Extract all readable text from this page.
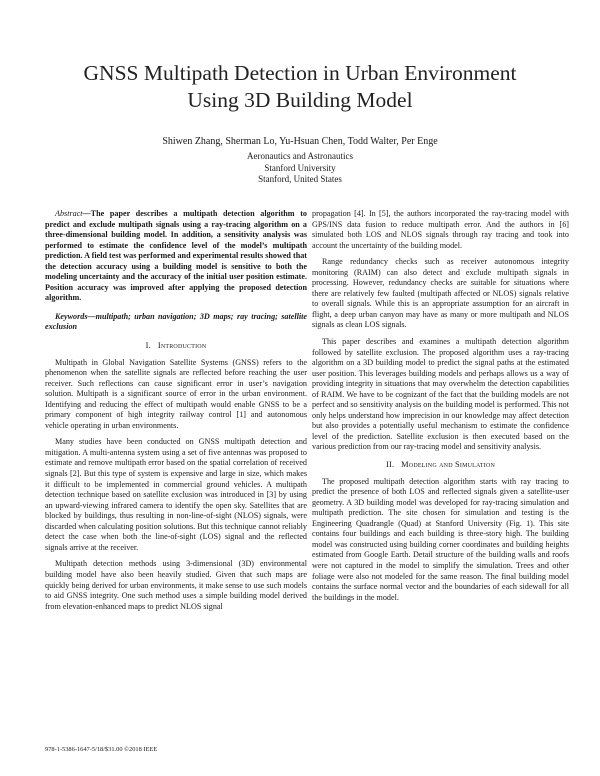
GNSS Multipath Detection in Urban Environment
Using 3D Building Model
Shiwen Zhang, Sherman Lo, Yu-Hsuan Chen, Todd Walter, Per Enge
Aeronautics and Astronautics
Stanford University
Stanford, United States

Abstract—The paper describes a multipath detection algorithm to predict and exclude multipath signals using a ray-tracing algorithm on a three-dimensional building model. In addition, a sensitivity analysis was performed to estimate the confidence level of the model’s multipath prediction. A field test was performed and experimental results showed that the detection accuracy using a building model is sensitive to both the modeling uncertainty and the accuracy of the initial user position estimate. Position accuracy was improved after applying the proposed detection algorithm.

Keywords—multipath; urban navigation; 3D maps; ray tracing; satellite exclusion

I. Introduction

Multipath in Global Navigation Satellite Systems (GNSS) refers to the phenomenon when the satellite signals are reflected before reaching the user receiver. Such reflections can cause significant error in user’s navigation solution. Multipath is a significant source of error in the urban environment. Identifying and reducing the effect of multipath would enable GNSS to be a primary component of high integrity railway control [1] and autonomous vehicle operating in urban environments.

Many studies have been conducted on GNSS multipath detection and mitigation. A multi-antenna system using a set of five antennas was proposed to estimate and remove multipath error based on the spatial correlation of received signals [2]. But this type of system is expensive and large in size, which makes it difficult to be implemented in commercial ground vehicles. A multipath detection technique based on satellite exclusion was introduced in [3] by using an upward-viewing infrared camera to identify the open sky. Satellites that are blocked by buildings, thus resulting in non-line-of-sight (NLOS) signals, were discarded when calculating position solutions. But this technique cannot reliably detect the case when both the line-of-sight (LOS) signal and the reflected signals arrive at the receiver.

Multipath detection methods using 3-dimensional (3D) environmental building model have also been heavily studied. Given that such maps are quickly being derived for urban environments, it make sense to use such models to aid GNSS integrity. One such method uses a simple building model derived from elevation-enhanced maps to predict NLOS signal

propagation [4]. In [5], the authors incorporated the ray-tracing model with GPS/INS data fusion to reduce multipath error. And the authors in [6] simulated both LOS and NLOS signals through ray tracing and took into account the uncertainty of the building model.

Range redundancy checks such as receiver autonomous integrity monitoring (RAIM) can also detect and exclude multipath signals in processing. However, redundancy checks are suitable for situations where there are relatively few faulted (multipath affected or NLOS) signals relative to overall signals. While this is an appropriate assumption for an aircraft in flight, a deep urban canyon may have as many or more multipath and NLOS signals as clean LOS signals.

This paper describes and examines a multipath detection algorithm followed by satellite exclusion. The proposed algorithm uses a ray-tracing algorithm on a 3D building model to predict the signal paths at the estimated user position. This leverages building models and perhaps allows us a way of providing integrity in situations that may overwhelm the detection capabilities of RAIM. We have to be cognizant of the fact that the building models are not perfect and so sensitivity analysis on the building model is performed. This not only helps understand how imprecision in our knowledge may affect detection but also provides a potentially useful mechanism to estimate the confidence level of the prediction. Satellite exclusion is then executed based on the various prediction from our ray-tracing model and sensitivity analysis.

II. Modeling and Simulation

The proposed multipath detection algorithm starts with ray tracing to predict the presence of both LOS and reflected signals given a satellite-user geometry. A 3D building model was developed for ray-tracing simulation and multipath prediction. The site chosen for simulation and testing is the Engineering Quadrangle (Quad) at Stanford University (Fig. 1). This site contains four buildings and each building is three-story high. The building model was constructed using building corner coordinates and building heights estimated from Google Earth. Detail structure of the building walls and roofs were not captured in the model to simplify the simulation. Trees and other foliage were also not modeled for the same reason. The final building model contains the surface normal vector and the boundaries of each sidewall for all the buildings in the model.

978-1-5386-1647-5/18/$31.00 ©2018 IEEE
